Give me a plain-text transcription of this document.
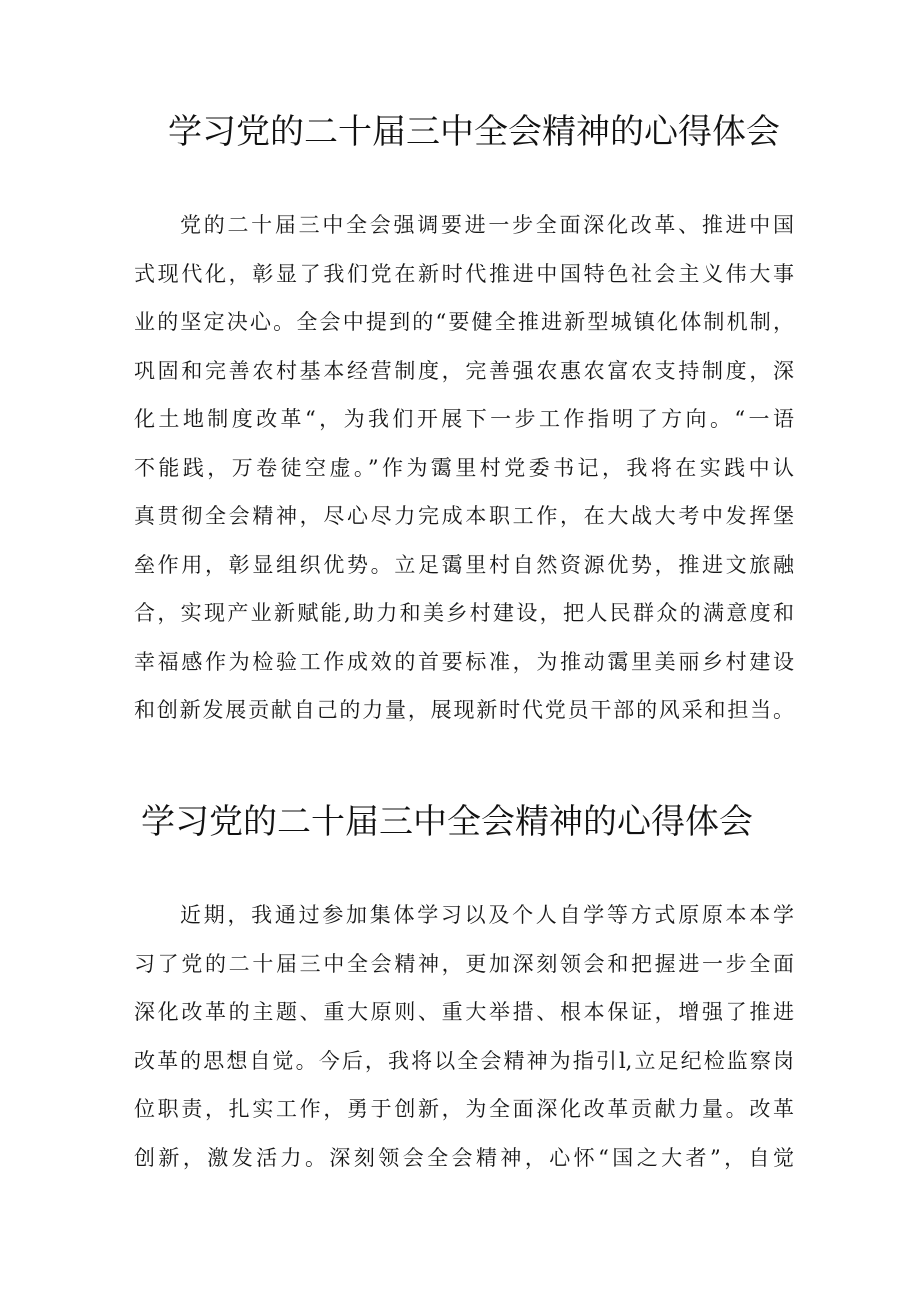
学习党的二十届三中全会精神的心得体会
党的二十届三中全会强调要进一步全面深化改革、推进中国
式现代化，彰显了我们党在新时代推进中国特色社会主义伟大事
业的坚定决心。全会中提到的“要健全推进新型城镇化体制机制，
巩固和完善农村基本经营制度，完善强农惠农富农支持制度，深
化土地制度改革“，为我们开展下一步工作指明了方向。“一语
不能践，万卷徒空虚。”作为霭里村党委书记，我将在实践中认
真贯彻全会精神，尽心尽力完成本职工作，在大战大考中发挥堡
垒作用，彰显组织优势。立足霭里村自然资源优势，推进文旅融
合，实现产业新赋能,助力和美乡村建设，把人民群众的满意度和
幸福感作为检验工作成效的首要标准，为推动霭里美丽乡村建设
和创新发展贡献自己的力量，展现新时代党员干部的风采和担当。
学习党的二十届三中全会精神的心得体会
近期，我通过参加集体学习以及个人自学等方式原原本本学
习了党的二十届三中全会精神，更加深刻领会和把握进一步全面
深化改革的主题、重大原则、重大举措、根本保证，增强了推进
改革的思想自觉。今后，我将以全会精神为指引l,立足纪检监察岗
位职责，扎实工作，勇于创新，为全面深化改革贡献力量。改革
创新，激发活力。深刻领会全会精神，心怀“国之大者”，自觉
